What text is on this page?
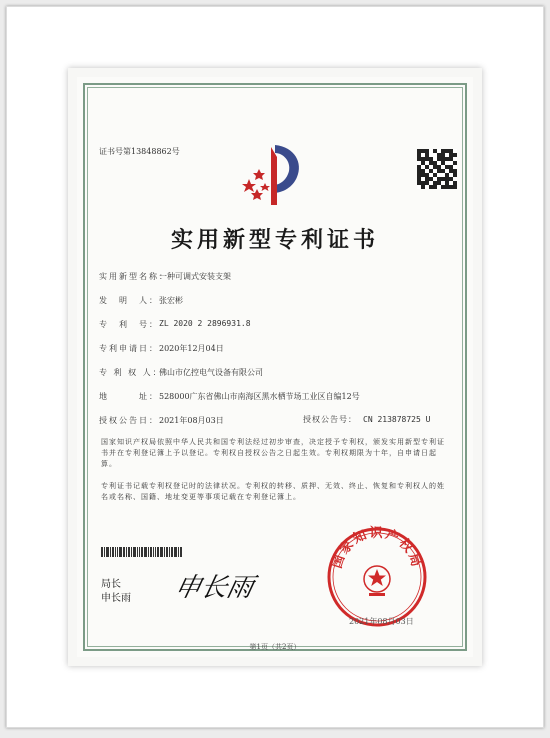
证书号第13848862号
实用新型专利证书
实用新型名称：
一种可调式安装支架
发　明　人： 张宏彬
专　利　号： ZL 2020 2 2896931.8
专利申请日： 2020年12月04日
专 利 权 人：
佛山市亿控电气设备有限公司
地　　　址： 528000广东省佛山市南海区黑水栖节场工业区自编12号
授权公告日： 2021年08月03日	授权公告号： CN 213878725 U
国家知识产权局依照中华人民共和国专利法经过初步审查，决定授予专利权，颁发实用新型专利证书并在专利登记簿上予以登记。专利权自授权公告之日起生效。专利权期限为十年，自申请日起算。
专利证书记载专利权登记时的法律状况。专利权的转移、质押、无效、终止、恢复和专利权人的姓名或名称、国籍、地址变更等事项记载在专利登记簿上。
局长
申长雨 申长雨
国家知识产权局
2021年08月03日
第1页（共2页）
